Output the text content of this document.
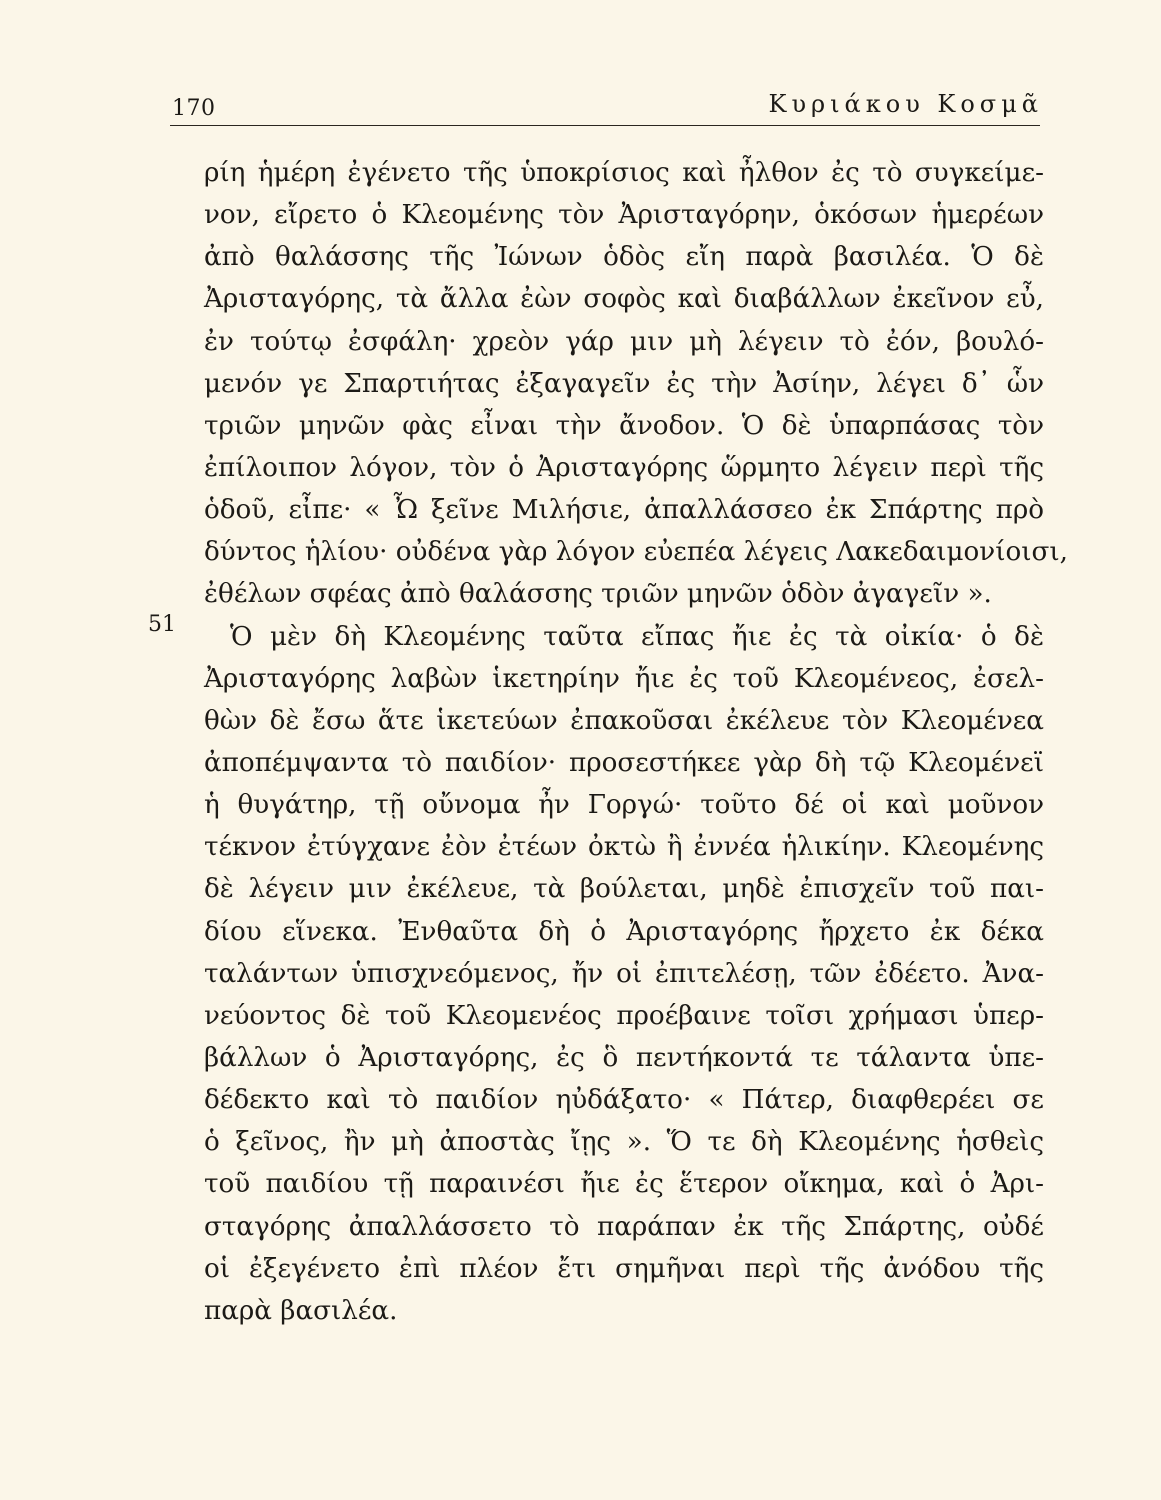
170	Κυριάκου Κοσμᾶ
51
ρίη ἡμέρη ἐγένετο τῆς ὑποκρίσιος καὶ ἦλθον ἐς τὸ συγκείμε-
νον, εἴρετο ὁ Κλεομένης τὸν Ἀρισταγόρην, ὁκόσων ἡμερέων
ἀπὸ θαλάσσης τῆς Ἰώνων ὁδὸς εἴη παρὰ βασιλέα. Ὁ δὲ
Ἀρισταγόρης, τὰ ἄλλα ἐὼν σοφὸς καὶ διαβάλλων ἐκεῖνον εὖ,
ἐν τούτῳ ἐσφάλη· χρεὸν γάρ μιν μὴ λέγειν τὸ ἐόν, βουλό-
μενόν γε Σπαρτιήτας ἐξαγαγεῖν ἐς τὴν Ἀσίην, λέγει δ᾽ ὧν
τριῶν μηνῶν φὰς εἶναι τὴν ἄνοδον. Ὁ δὲ ὑπαρπάσας τὸν
ἐπίλοιπον λόγον, τὸν ὁ Ἀρισταγόρης ὥρμητο λέγειν περὶ τῆς
ὁδοῦ, εἶπε· « Ὦ ξεῖνε Μιλήσιε, ἀπαλλάσσεο ἐκ Σπάρτης πρὸ
δύντος ἡλίου· οὐδένα γὰρ λόγον εὐεπέα λέγεις Λακεδαιμονίοισι,
ἐθέλων σφέας ἀπὸ θαλάσσης τριῶν μηνῶν ὁδὸν ἀγαγεῖν ».
Ὁ μὲν δὴ Κλεομένης ταῦτα εἴπας ἤιε ἐς τὰ οἰκία· ὁ δὲ
Ἀρισταγόρης λαβὼν ἱκετηρίην ἤιε ἐς τοῦ Κλεομένεος, ἐσελ-
θὼν δὲ ἔσω ἅτε ἱκετεύων ἐπακοῦσαι ἐκέλευε τὸν Κλεομένεα
ἀποπέμψαντα τὸ παιδίον· προσεστήκεε γὰρ δὴ τῷ Κλεομένεϊ
ἡ θυγάτηρ, τῇ οὔνομα ἦν Γοργώ· τοῦτο δέ οἱ καὶ μοῦνον
τέκνον ἐτύγχανε ἐὸν ἐτέων ὀκτὼ ἢ ἐννέα ἡλικίην. Κλεομένης
δὲ λέγειν μιν ἐκέλευε, τὰ βούλεται, μηδὲ ἐπισχεῖν τοῦ παι-
δίου εἵνεκα. Ἐνθαῦτα δὴ ὁ Ἀρισταγόρης ἤρχετο ἐκ δέκα
ταλάντων ὑπισχνεόμενος, ἤν οἱ ἐπιτελέσῃ, τῶν ἐδέετο. Ἀνα-
νεύοντος δὲ τοῦ Κλεομενέος προέβαινε τοῖσι χρήμασι ὑπερ-
βάλλων ὁ Ἀρισταγόρης, ἐς ὃ πεντήκοντά τε τάλαντα ὑπε-
δέδεκτο καὶ τὸ παιδίον ηὐδάξατο· « Πάτερ, διαφθερέει σε
ὁ ξεῖνος, ἢν μὴ ἀποστὰς ἴῃς ». Ὅ τε δὴ Κλεομένης ἡσθεὶς
τοῦ παιδίου τῇ παραινέσι ἤιε ἐς ἕτερον οἴκημα, καὶ ὁ Ἀρι-
σταγόρης ἀπαλλάσσετο τὸ παράπαν ἐκ τῆς Σπάρτης, οὐδέ
οἱ ἐξεγένετο ἐπὶ πλέον ἔτι σημῆναι περὶ τῆς ἀνόδου τῆς
παρὰ βασιλέα.
